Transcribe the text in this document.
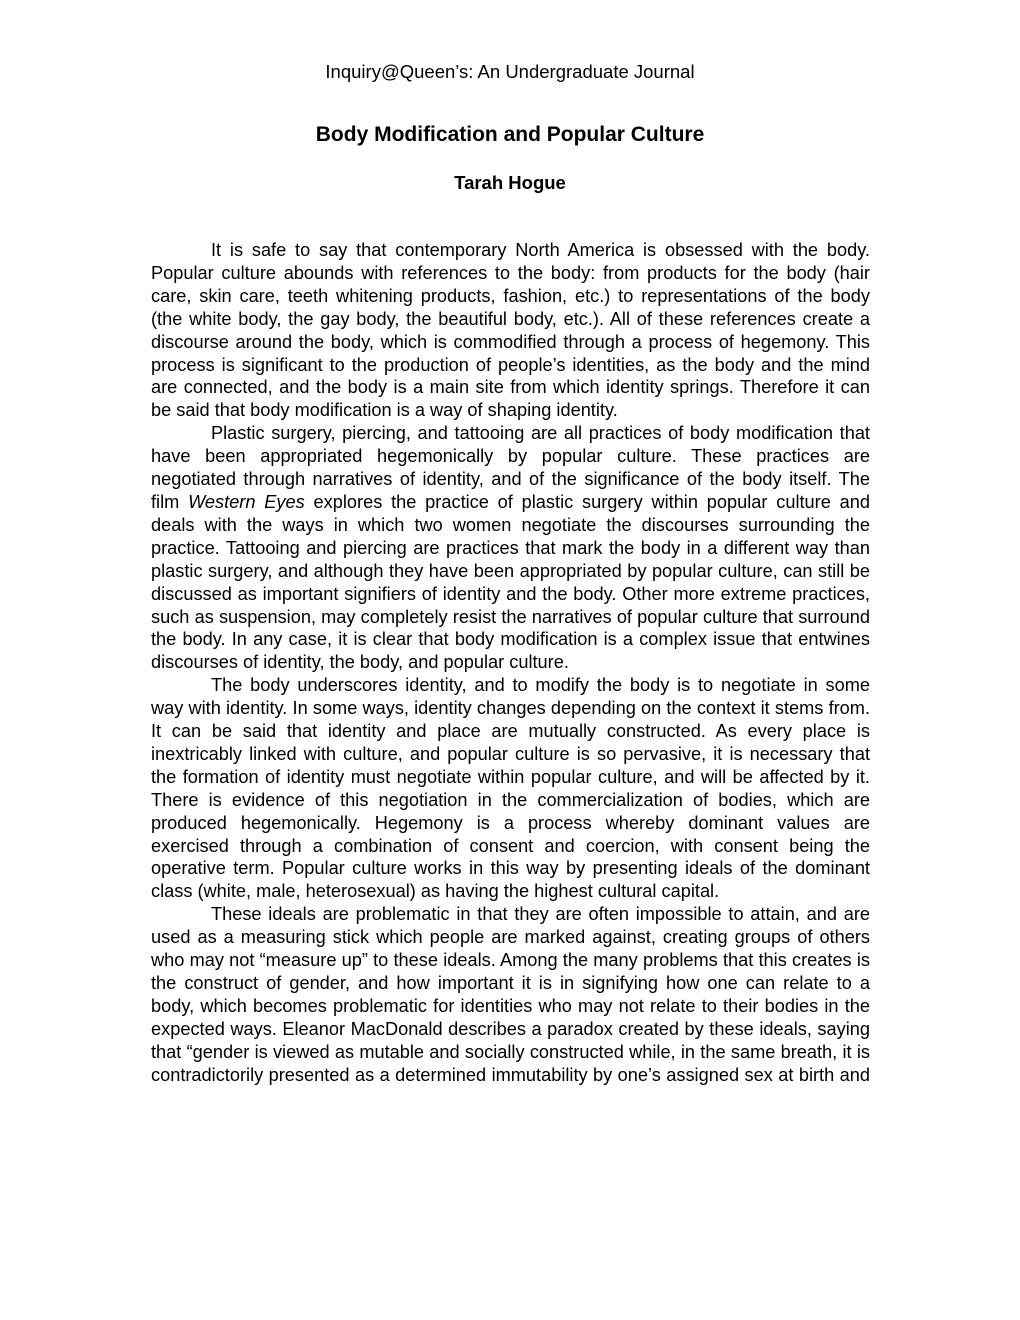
Inquiry@Queen’s: An Undergraduate Journal
Body Modification and Popular Culture
Tarah Hogue

It is safe to say that contemporary North America is obsessed with the body. Popular culture abounds with references to the body: from products for the body (hair care, skin care, teeth whitening products, fashion, etc.) to representations of the body (the white body, the gay body, the beautiful body, etc.). All of these references create a discourse around the body, which is commodified through a process of hegemony. This process is significant to the production of people’s identities, as the body and the mind are connected, and the body is a main site from which identity springs. Therefore it can be said that body modification is a way of shaping identity.

Plastic surgery, piercing, and tattooing are all practices of body modification that have been appropriated hegemonically by popular culture. These practices are negotiated through narratives of identity, and of the significance of the body itself. The film Western Eyes explores the practice of plastic surgery within popular culture and deals with the ways in which two women negotiate the discourses surrounding the practice. Tattooing and piercing are practices that mark the body in a different way than plastic surgery, and although they have been appropriated by popular culture, can still be discussed as important signifiers of identity and the body. Other more extreme practices, such as suspension, may completely resist the narratives of popular culture that surround the body. In any case, it is clear that body modification is a complex issue that entwines discourses of identity, the body, and popular culture.

The body underscores identity, and to modify the body is to negotiate in some way with identity. In some ways, identity changes depending on the context it stems from. It can be said that identity and place are mutually constructed. As every place is inextricably linked with culture, and popular culture is so pervasive, it is necessary that the formation of identity must negotiate within popular culture, and will be affected by it. There is evidence of this negotiation in the commercialization of bodies, which are produced hegemonically. Hegemony is a process whereby dominant values are exercised through a combination of consent and coercion, with consent being the operative term. Popular culture works in this way by presenting ideals of the dominant class (white, male, heterosexual) as having the highest cultural capital.

These ideals are problematic in that they are often impossible to attain, and are used as a measuring stick which people are marked against, creating groups of others who may not “measure up” to these ideals. Among the many problems that this creates is the construct of gender, and how important it is in signifying how one can relate to a body, which becomes problematic for identities who may not relate to their bodies in the expected ways. Eleanor MacDonald describes a paradox created by these ideals, saying that “gender is viewed as mutable and socially constructed while, in the same breath, it is contradictorily presented as a determined immutability by one’s assigned sex at birth and
